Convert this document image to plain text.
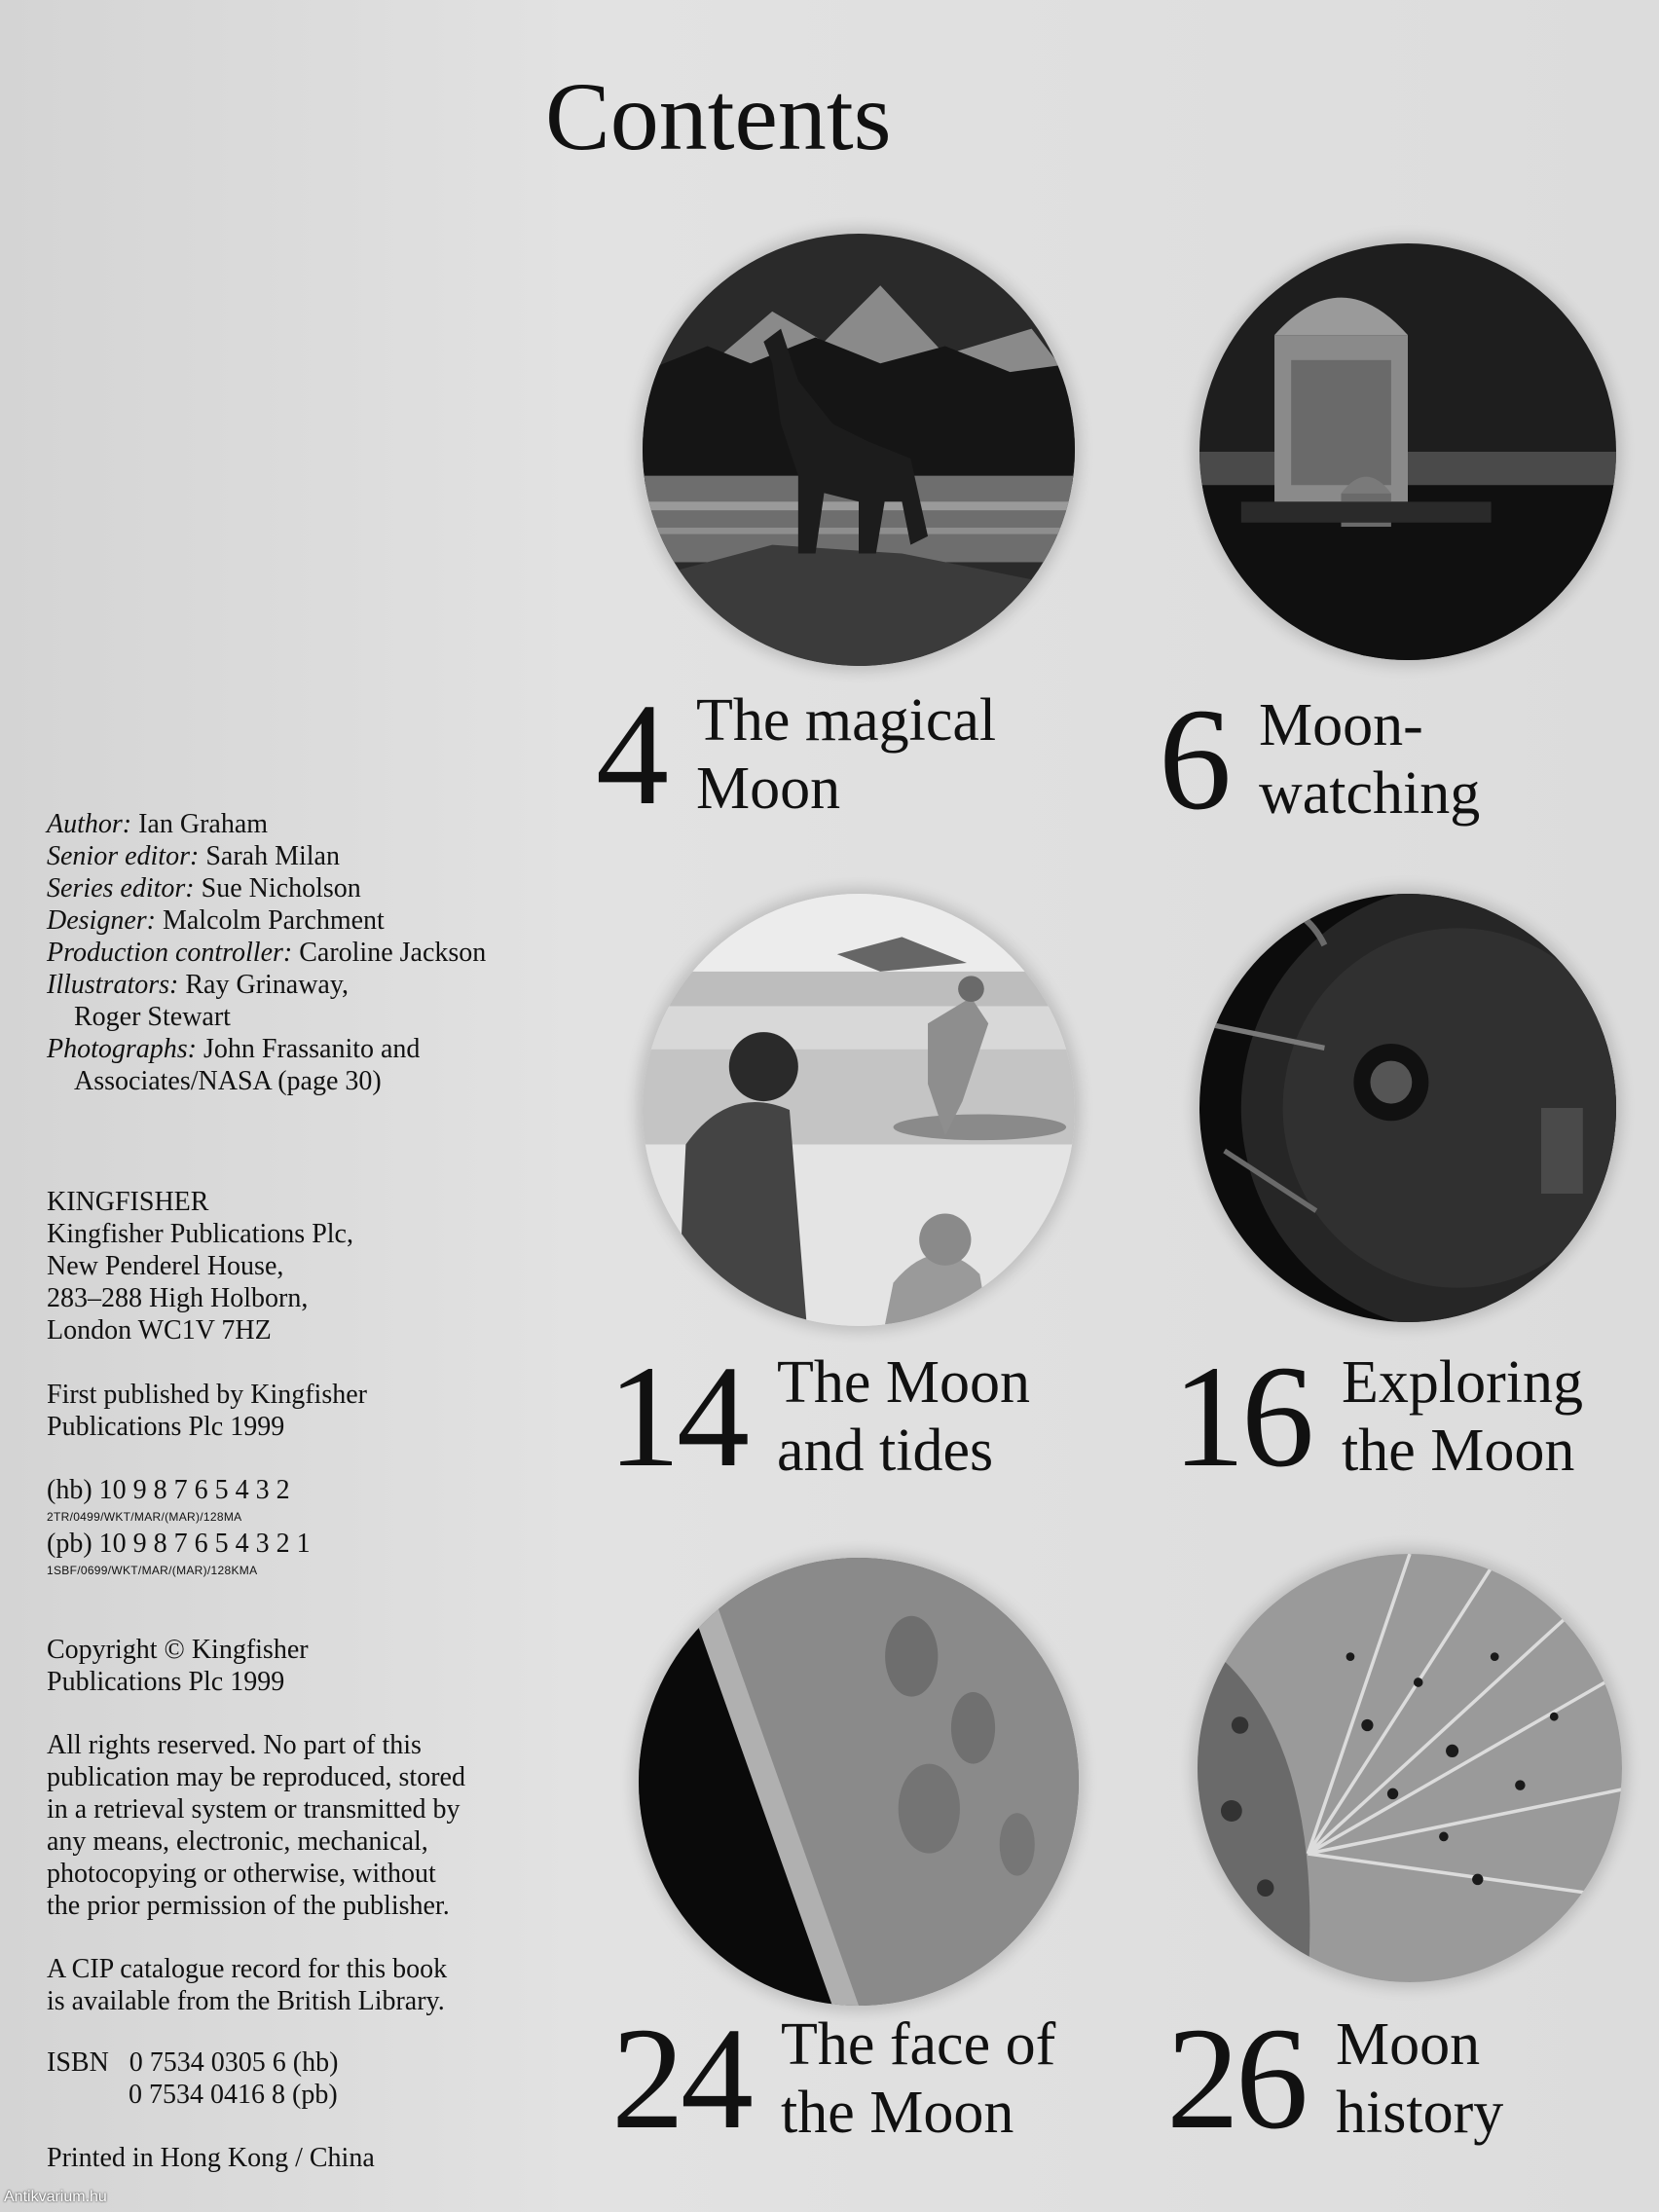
Contents
Author: Ian Graham
Senior editor: Sarah Milan
Series editor: Sue Nicholson
Designer: Malcolm Parchment
Production controller: Caroline Jackson
Illustrators: Ray Grinaway,
Roger Stewart
Photographs: John Frassanito and
Associates/NASA (page 30)
KINGFISHER
Kingfisher Publications Plc,
New Penderel House,
283–288 High Holborn,
London WC1V 7HZ
First published by Kingfisher
Publications Plc 1999
(hb) 10 9 8 7 6 5 4 3 2
2TR/0499/WKT/MAR/(MAR)/128MA
(pb) 10 9 8 7 6 5 4 3 2 1
1SBF/0699/WKT/MAR/(MAR)/128KMA
Copyright © Kingfisher
Publications Plc 1999
All rights reserved. No part of this
publication may be reproduced, stored
in a retrieval system or transmitted by
any means, electronic, mechanical,
photocopying or otherwise, without
the prior permission of the publisher.
A CIP catalogue record for this book
is available from the British Library.
ISBN 0 7534 0305 6 (hb)
0 7534 0416 8 (pb)
Printed in Hong Kong / China
4 The magical
Moon	6 Moon-
watching
14 The Moon
and tides 16 Exploring
the Moon
24 The face of
the Moon 26 Moon
history
Antikvarium.hu
